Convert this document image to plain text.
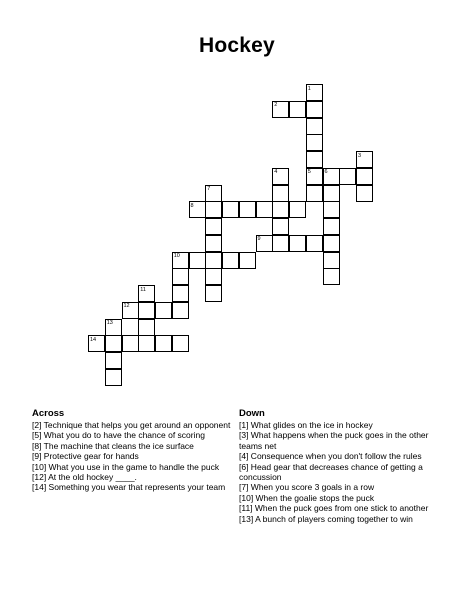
Hockey
1
2
3
4	5 6
7
8
9
10
11
12
13
14
Across

[2] Technique that helps you get around an opponent

[5] What you do to have the chance of scoring

[8] The machine that cleans the ice surface

[9] Protective gear for hands

[10] What you use in the game to handle the puck

[12] At the old hockey ____.

[14] Something you wear that represents your team

Down

[1] What glides on the ice in hockey

[3] What happens when the puck goes in the other teams net

[4] Consequence when you don't follow the rules

[6] Head gear that decreases chance of getting a concussion

[7] When you score 3 goals in a row

[10] When the goalie stops the puck

[11] When the puck goes from one stick to another

[13] A bunch of players coming together to win
